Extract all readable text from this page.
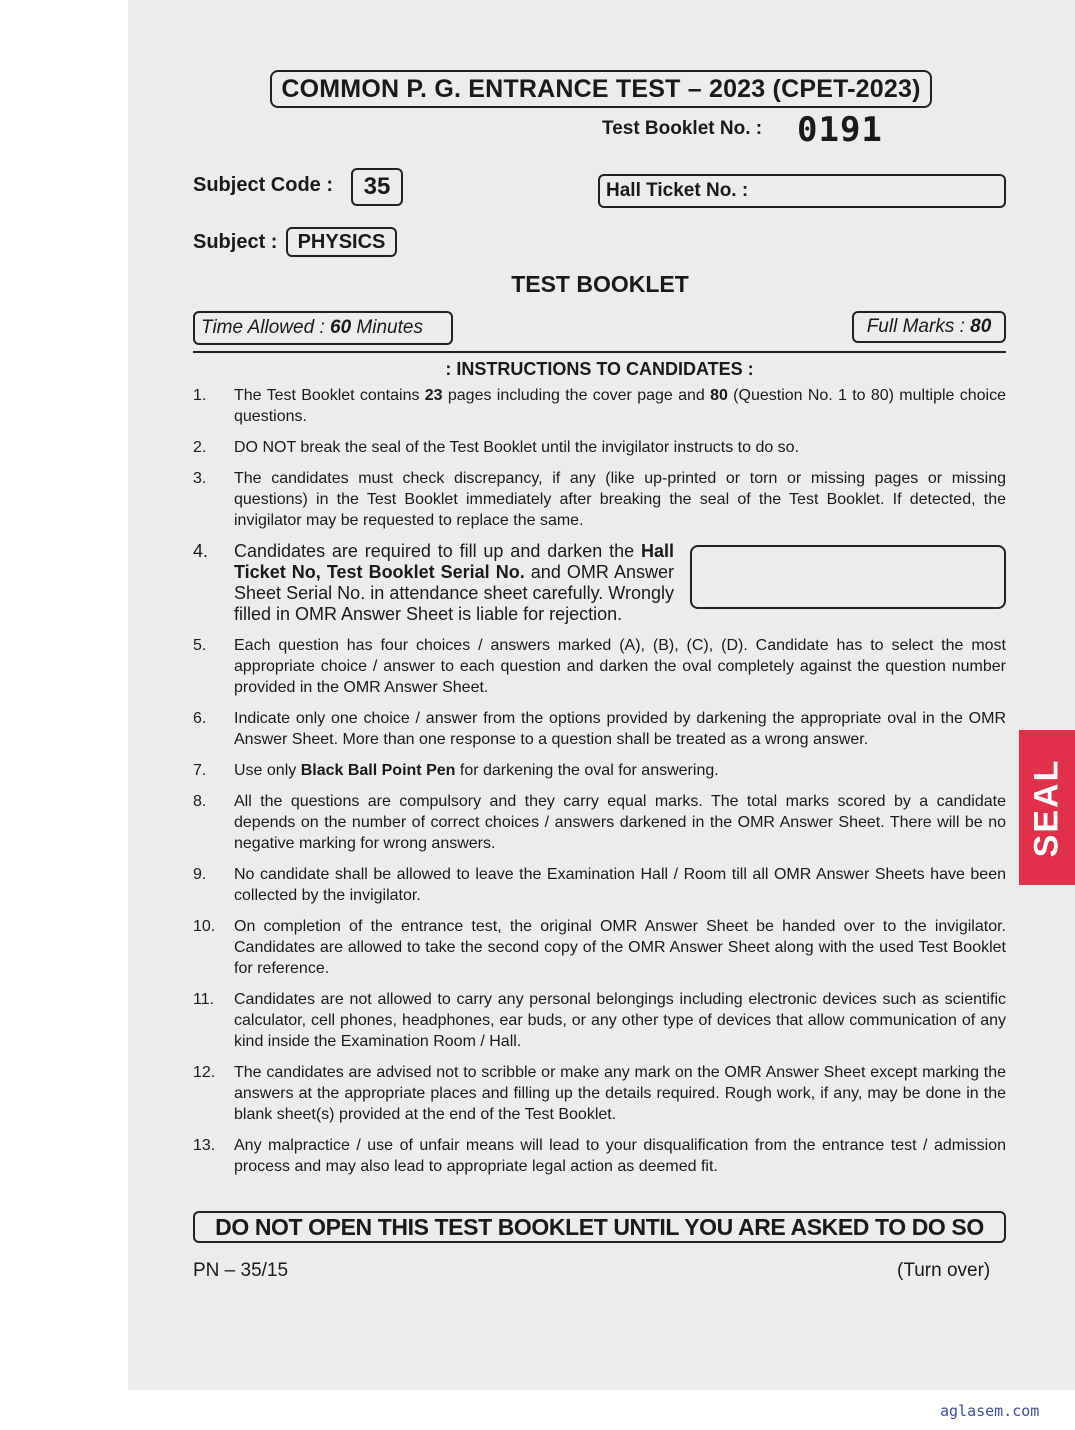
COMMON P. G. ENTRANCE TEST – 2023 (CPET-2023)
Test Booklet No. : 0191
Subject Code :	35	Hall Ticket No. :
Subject :	PHYSICS
TEST BOOKLET
Time Allowed : 60 Minutes	Full Marks : 80
: INSTRUCTIONS TO CANDIDATES :
1.	The Test Booklet contains 23 pages including the cover page and 80 (Question No. 1 to 80) multiple choice questions.
2.	DO NOT break the seal of the Test Booklet until the invigilator instructs to do so.
3.	The candidates must check discrepancy, if any (like up-printed or torn or missing pages or missing questions) in the Test Booklet immediately after breaking the seal of the Test Booklet. If detected, the invigilator may be requested to replace the same.
4.	Candidates are required to fill up and darken the Hall Ticket No, Test Booklet Serial No. and OMR Answer Sheet Serial No. in attendance sheet carefully. Wrongly filled in OMR Answer Sheet is liable for rejection.
5.	Each question has four choices / answers marked (A), (B), (C), (D). Candidate has to select the most appropriate choice / answer to each question and darken the oval completely against the question number provided in the OMR Answer Sheet.
6.	Indicate only one choice / answer from the options provided by darkening the appropriate oval in the OMR Answer Sheet. More than one response to a question shall be treated as a wrong answer.
7.	Use only Black Ball Point Pen for darkening the oval for answering.
8.	All the questions are compulsory and they carry equal marks. The total marks scored by a candidate depends on the number of correct choices / answers darkened in the OMR Answer Sheet. There will be no negative marking for wrong answers.
9.	No candidate shall be allowed to leave the Examination Hall / Room till all OMR Answer Sheets have been collected by the invigilator.
10.	On completion of the entrance test, the original OMR Answer Sheet be handed over to the invigilator. Candidates are allowed to take the second copy of the OMR Answer Sheet along with the used Test Booklet for reference.
11.	Candidates are not allowed to carry any personal belongings including electronic devices such as scientific calculator, cell phones, headphones, ear buds, or any other type of devices that allow communication of any kind inside the Examination Room / Hall.
12.	The candidates are advised not to scribble or make any mark on the OMR Answer Sheet except marking the answers at the appropriate places and filling up the details required. Rough work, if any, may be done in the blank sheet(s) provided at the end of the Test Booklet.
13.	Any malpractice / use of unfair means will lead to your disqualification from the entrance test / admission process and may also lead to appropriate legal action as deemed fit.
DO NOT OPEN THIS TEST BOOKLET UNTIL YOU ARE ASKED TO DO SO
PN – 35/15	(Turn over)
SEAL
aglasem.com
